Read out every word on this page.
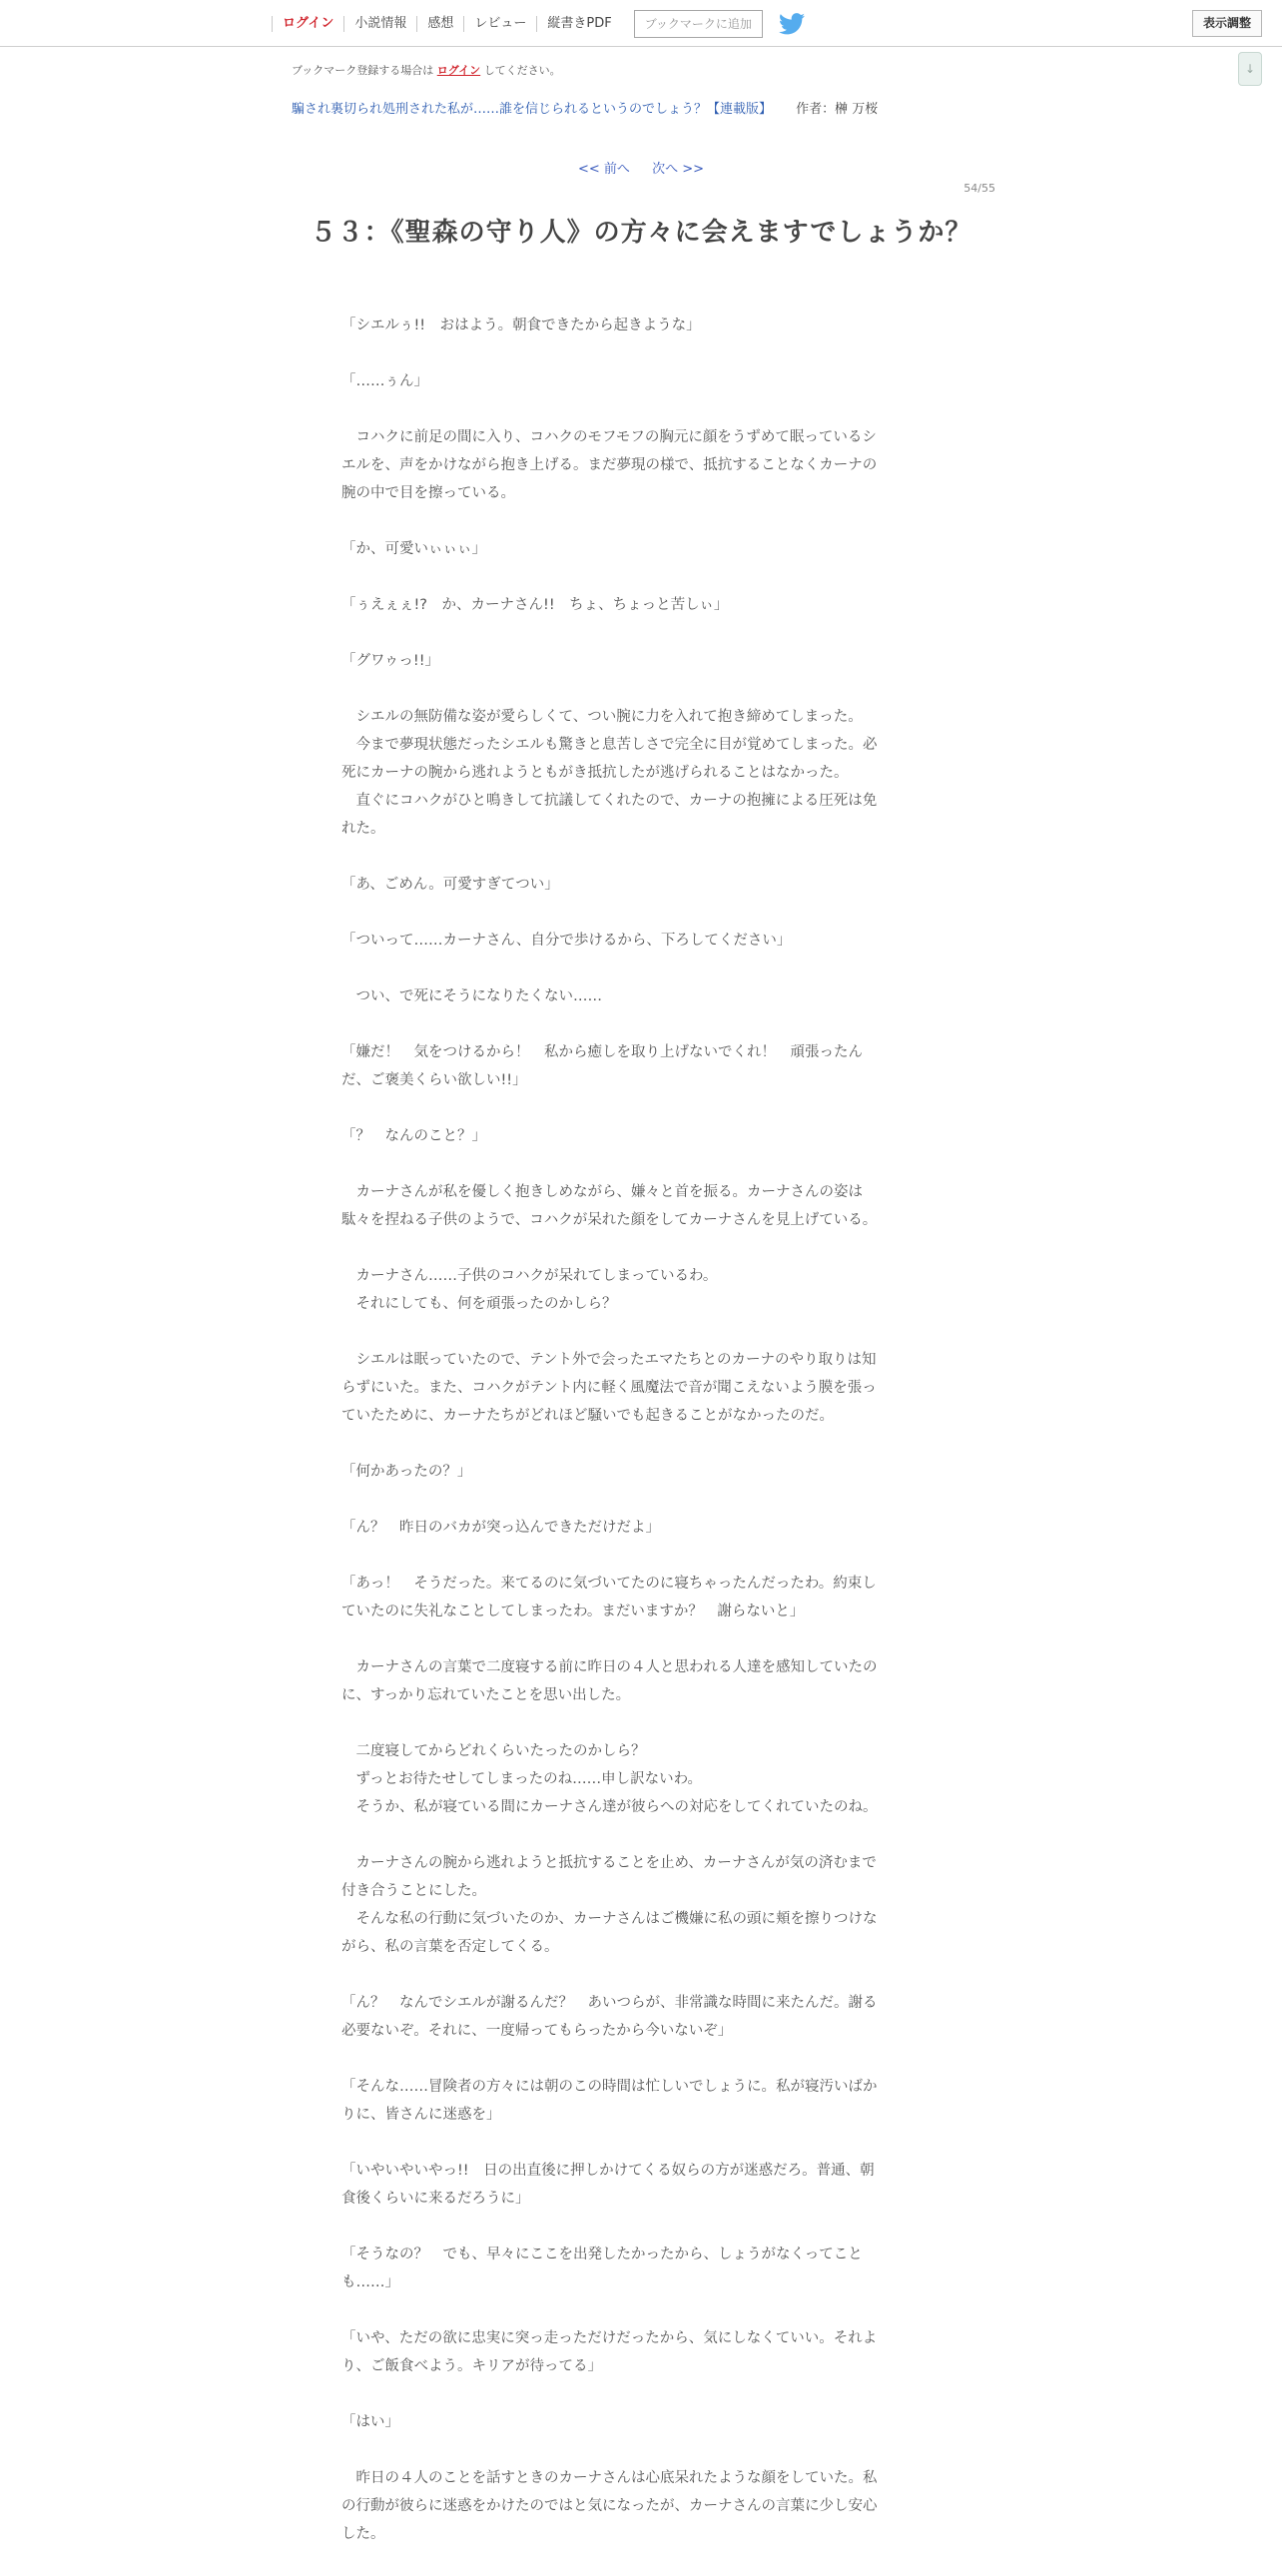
ログイン	小説情報	感想	レビュー	縦書きPDF	ブックマークに追加	表示調整
↓
ブックマーク登録する場合は ログイン してください。
騙され裏切られ処刑された私が……誰を信じられるというのでしょう？【連載版】 作者：榊 万桜
<< 前へ 次へ >>
54/55
５３：《聖森の守り人》の方々に会えますでしょうか？
「シエルぅ!!　おはよう。朝食できたから起きような」
「……ぅん」
　コハクに前足の間に入り、コハクのモフモフの胸元に顔をうずめて眠っているシ
エルを、声をかけながら抱き上げる。まだ夢現の様で、抵抗することなくカーナの
腕の中で目を擦っている。
「か、可愛いぃぃぃ」
「ぅえぇぇ!?　か、カーナさん!!　ちょ、ちょっと苦しぃ」
「グワゥっ!!」
　シエルの無防備な姿が愛らしくて、つい腕に力を入れて抱き締めてしまった。
　今まで夢現状態だったシエルも驚きと息苦しさで完全に目が覚めてしまった。必
死にカーナの腕から逃れようともがき抵抗したが逃げられることはなかった。
　直ぐにコハクがひと鳴きして抗議してくれたので、カーナの抱擁による圧死は免
れた。
「あ、ごめん。可愛すぎてつい」
「ついって……カーナさん、自分で歩けるから、下ろしてください」
　つい、で死にそうになりたくない……
「嫌だ！　気をつけるから！　私から癒しを取り上げないでくれ！　頑張ったん
だ、ご褒美くらい欲しい!!」
「？　なんのこと？」
　カーナさんが私を優しく抱きしめながら、嫌々と首を振る。カーナさんの姿は
駄々を捏ねる子供のようで、コハクが呆れた顔をしてカーナさんを見上げている。
　カーナさん……子供のコハクが呆れてしまっているわ。
　それにしても、何を頑張ったのかしら？
　シエルは眠っていたので、テント外で会ったエマたちとのカーナのやり取りは知
らずにいた。また、コハクがテント内に軽く風魔法で音が聞こえないよう膜を張っ
ていたために、カーナたちがどれほど騒いでも起きることがなかったのだ。
「何かあったの？」
「ん？　昨日のバカが突っ込んできただけだよ」
「あっ！　そうだった。来てるのに気づいてたのに寝ちゃったんだったわ。約束し
ていたのに失礼なことしてしまったわ。まだいますか？　謝らないと」
　カーナさんの言葉で二度寝する前に昨日の４人と思われる人達を感知していたの
に、すっかり忘れていたことを思い出した。
　二度寝してからどれくらいたったのかしら？
　ずっとお待たせしてしまったのね……申し訳ないわ。
　そうか、私が寝ている間にカーナさん達が彼らへの対応をしてくれていたのね。
　カーナさんの腕から逃れようと抵抗することを止め、カーナさんが気の済むまで
付き合うことにした。
　そんな私の行動に気づいたのか、カーナさんはご機嫌に私の頭に頬を擦りつけな
がら、私の言葉を否定してくる。
「ん？　なんでシエルが謝るんだ？　あいつらが、非常識な時間に来たんだ。謝る
必要ないぞ。それに、一度帰ってもらったから今いないぞ」
「そんな……冒険者の方々には朝のこの時間は忙しいでしょうに。私が寝汚いばか
りに、皆さんに迷惑を」
「いやいやいやっ!!　日の出直後に押しかけてくる奴らの方が迷惑だろ。普通、朝
食後くらいに来るだろうに」
「そうなの？　でも、早々にここを出発したかったから、しょうがなくってこと
も……」
「いや、ただの欲に忠実に突っ走っただけだったから、気にしなくていい。それよ
り、ご飯食べよう。キリアが待ってる」
「はい」
　昨日の４人のことを話すときのカーナさんは心底呆れたような顔をしていた。私
の行動が彼らに迷惑をかけたのではと気になったが、カーナさんの言葉に少し安心
した。
